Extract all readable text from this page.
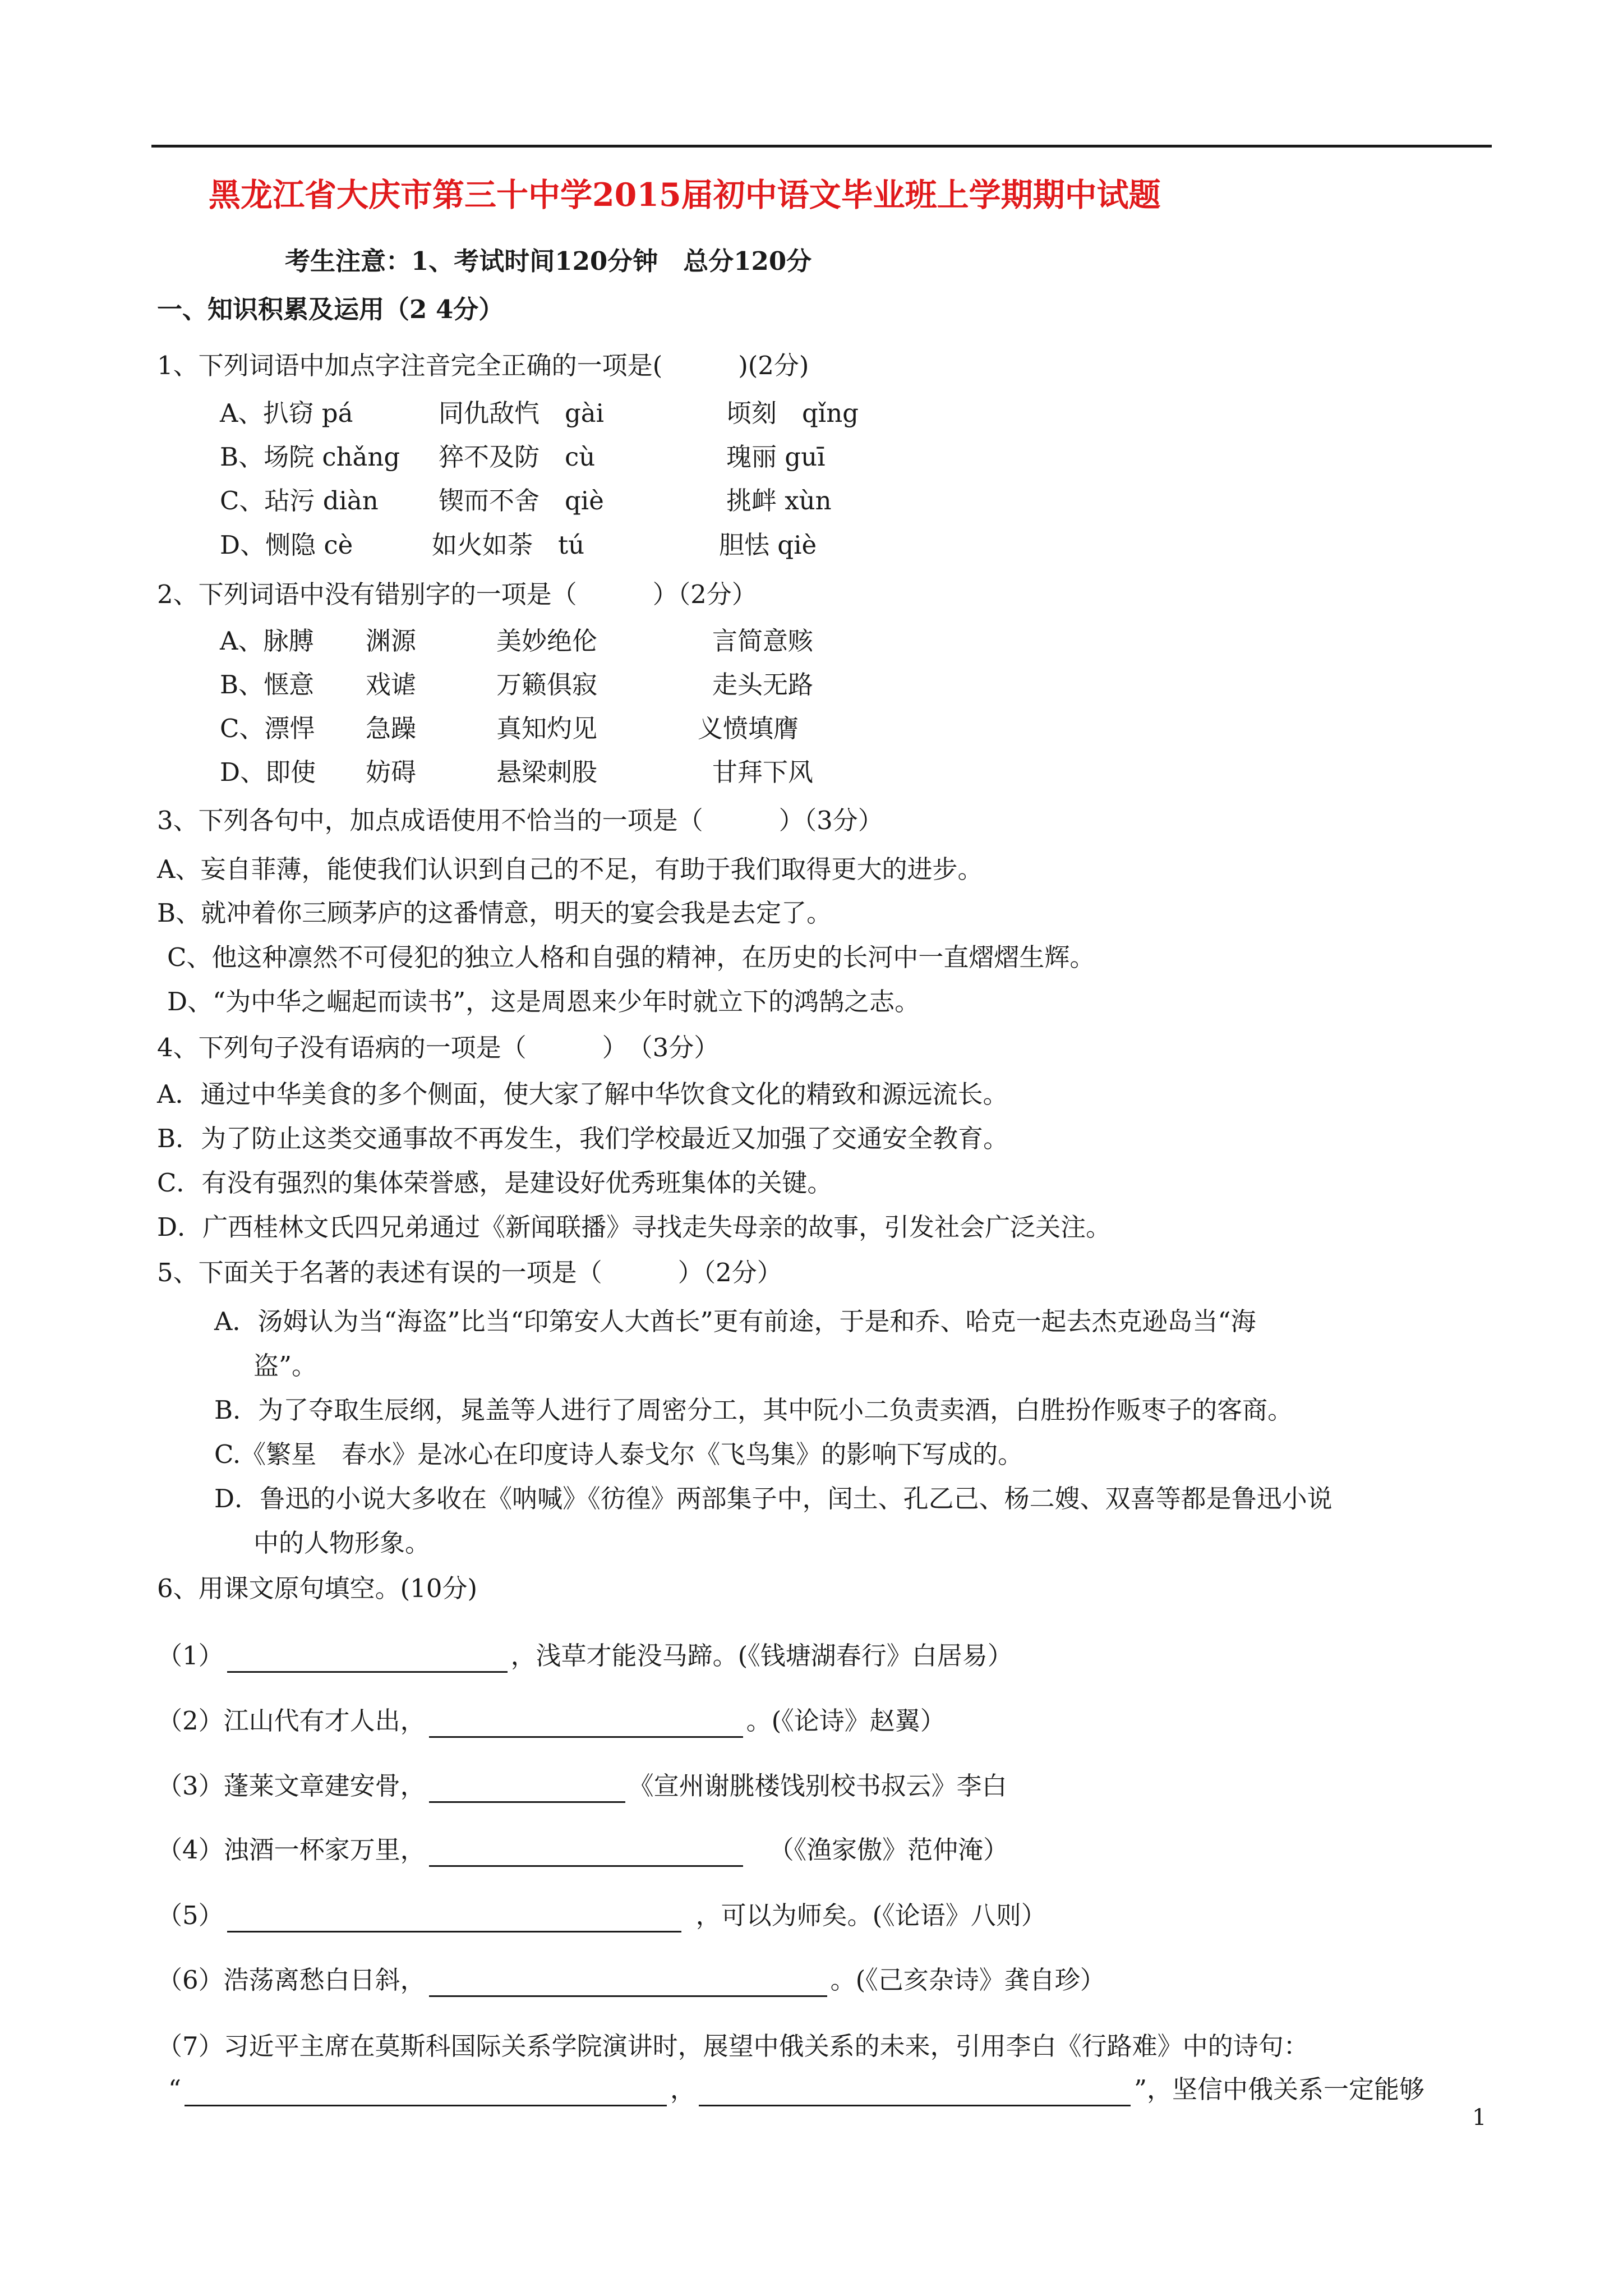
黑龙江省大庆市第三十中学2015届初中语文毕业班上学期期中试题
考生注意：1、考试时间120分钟　总分120分
一、知识积累及运用（2 4分）
1、下列词语中加点字注音完全正确的一项是(　　　)(2分)
A、扒窃 pá	同仇敌忾　gài	顷刻　qǐng
B、场院 chǎng 猝不及防　cù	瑰丽 guī
C、玷污 diàn 锲而不舍　qiè	挑衅 xùn
D、恻隐 cè	如火如荼　tú	胆怯 qiè
2、下列词语中没有错别字的一项是（　　　）（2分）
A、脉膊 渊源	美妙绝伦	言简意赅
B、惬意 戏谑	万籁俱寂	走头无路
C、漂悍 急躁	真知灼见	义愤填膺
D、即使 妨碍	悬梁刺股	甘拜下风
3、下列各句中，加点成语使用不恰当的一项是（　　　）（3分）
A、妄自菲薄，能使我们认识到自己的不足，有助于我们取得更大的进步。
B、就冲着你三顾茅庐的这番情意，明天的宴会我是去定了。
C、他这种凛然不可侵犯的独立人格和自强的精神，在历史的长河中一直熠熠生辉。
D、“为中华之崛起而读书”，这是周恩来少年时就立下的鸿鹄之志。
4、下列句子没有语病的一项是（　　　）　（3分）
A．通过中华美食的多个侧面，使大家了解中华饮食文化的精致和源远流长。
B．为了防止这类交通事故不再发生，我们学校最近又加强了交通安全教育。
C．有没有强烈的集体荣誉感，是建设好优秀班集体的关键。
D．广西桂林文氏四兄弟通过《新闻联播》寻找走失母亲的故事，引发社会广泛关注。
5、下面关于名著的表述有误的一项是（　　　）（2分）
A．汤姆认为当“海盗”比当“印第安人大酋长”更有前途，于是和乔、哈克一起去杰克逊岛当“海
盗”。
B．为了夺取生辰纲，晁盖等人进行了周密分工，其中阮小二负责卖酒，白胜扮作贩枣子的客商。
C.《繁星　春水》是冰心在印度诗人泰戈尔《飞鸟集》的影响下写成的。
D．鲁迅的小说大多收在《呐喊》《彷徨》两部集子中，闰土、孔乙己、杨二嫂、双喜等都是鲁迅小说
中的人物形象。
6、用课文原句填空。(10分)
（1）	，浅草才能没马蹄。(《钱塘湖春行》白居易）
（2）江山代有才人出，	。(《论诗》赵翼）
（3）蓬莱文章建安骨，	《宣州谢朓楼饯别校书叔云》李白
（4）浊酒一杯家万里，	（《渔家傲》范仲淹）
（5）	，可以为师矣。(《论语》八则）
（6）浩荡离愁白日斜，	。(《己亥杂诗》龚自珍）
（7）习近平主席在莫斯科国际关系学院演讲时，展望中俄关系的未来，引用李白《行路难》中的诗句：
“	，	”，坚信中俄关系一定能够
1
